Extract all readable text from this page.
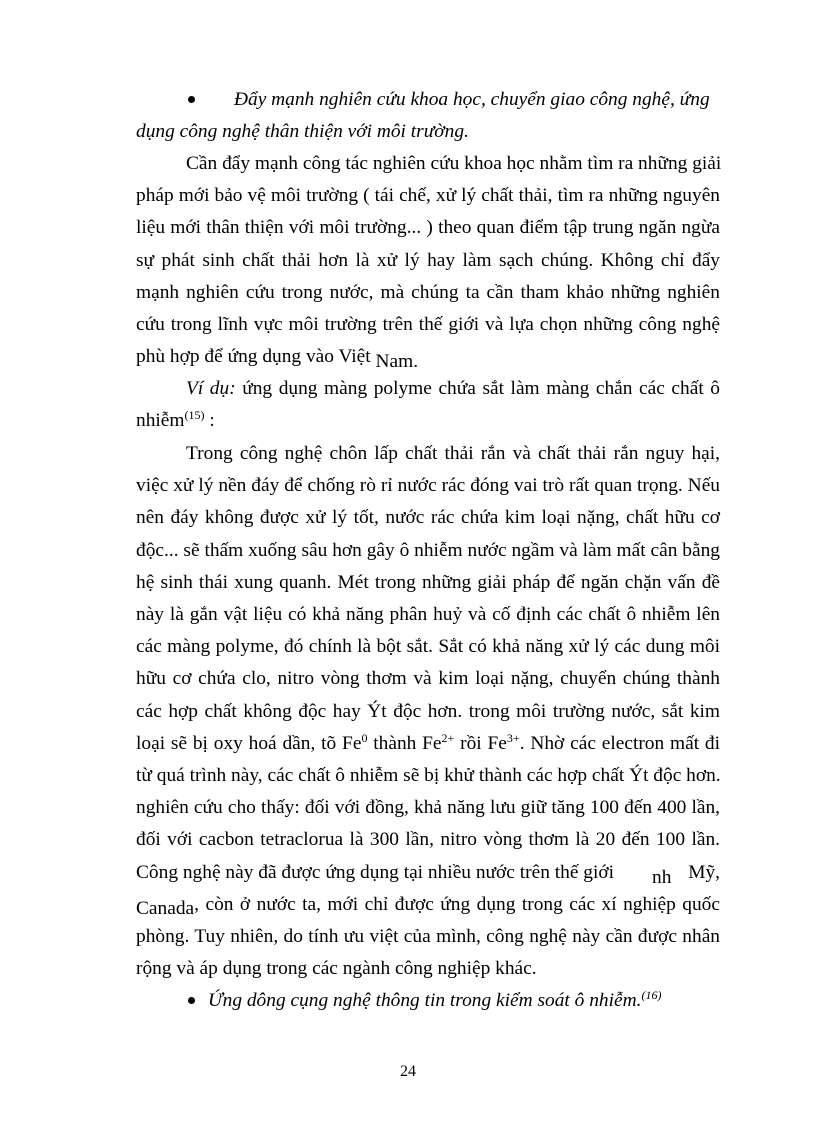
Đẩy mạnh nghiên cứu khoa học, chuyển giao công nghệ, ứng
dụng công nghệ thân thiện với môi trường.
Cần đẩy mạnh công tác nghiên cứu khoa học nhằm tìm ra những giải
pháp mới bảo vệ môi trường ( tái chế, xử lý chất thải, tìm ra những nguyên
liệu mới thân thiện với môi trường... ) theo quan điểm tập trung ngăn ngừa
sự phát sinh chất thải hơn là xử lý hay làm sạch chúng. Không chỉ đẩy
mạnh nghiên cứu trong nước, mà chúng ta cần tham khảo những nghiên
cứu trong lĩnh vực môi trường trên thế giới và lựa chọn những công nghệ
phù hợp để ứng dụng vào Việt Nam.
Ví dụ: ứng dụng màng polyme chứa sắt làm màng chắn các chất ô
nhiễm$^{(15)}$ :
Trong công nghệ chôn lấp chất thải rắn và chất thải rắn nguy hại,
việc xử lý nền đáy để chống rò rỉ nước rác đóng vai trò rất quan trọng. Nếu
nên đáy không được xử lý tốt, nước rác chứa kim loại nặng, chất hữu cơ
độc... sẽ thấm xuống sâu hơn gây ô nhiễm nước ngầm và làm mất cân bằng
hệ sinh thái xung quanh. Mét trong những giải pháp để ngăn chặn vấn đề
này là gắn vật liệu có khả năng phân huỷ và cố định các chất ô nhiễm lên
các màng polyme, đó chính là bột sắt. Sắt có khả năng xử lý các dung môi
hữu cơ chứa clo, nitro vòng thơm và kim loại nặng, chuyển chúng thành
các hợp chất không độc hay Ýt độc hơn. trong môi trường nước, sắt kim
loại sẽ bị oxy hoá dần, tõ Fe$^0$ thành $Fe^{2+}$ rồi $Fe^{3+}$. Nhờ các electron mất đi
từ quá trình này, các chất ô nhiễm sẽ bị khử thành các hợp chất Ýt độc hơn.
nghiên cứu cho thấy: đối với đồng, khả năng lưu giữ tăng 100 đến 400 lần,
đối với cacbon tetraclorua là 300 lần, nitro vòng thơm là 20 đến 100 lần.
Công nghệ này đã được ứng dụng tại nhiều nước trên thế giới nh Mỹ,
Canada, còn ở nước ta, mới chỉ được ứng dụng trong các xí nghiệp quốc
phòng. Tuy nhiên, do tính ưu việt của mình, công nghệ này cần được nhân
rộng và áp dụng trong các ngành công nghiệp khác.
Ứng dông cụng nghệ thông tin trong kiểm soát ô nhiễm.$^{(16)}$
24
